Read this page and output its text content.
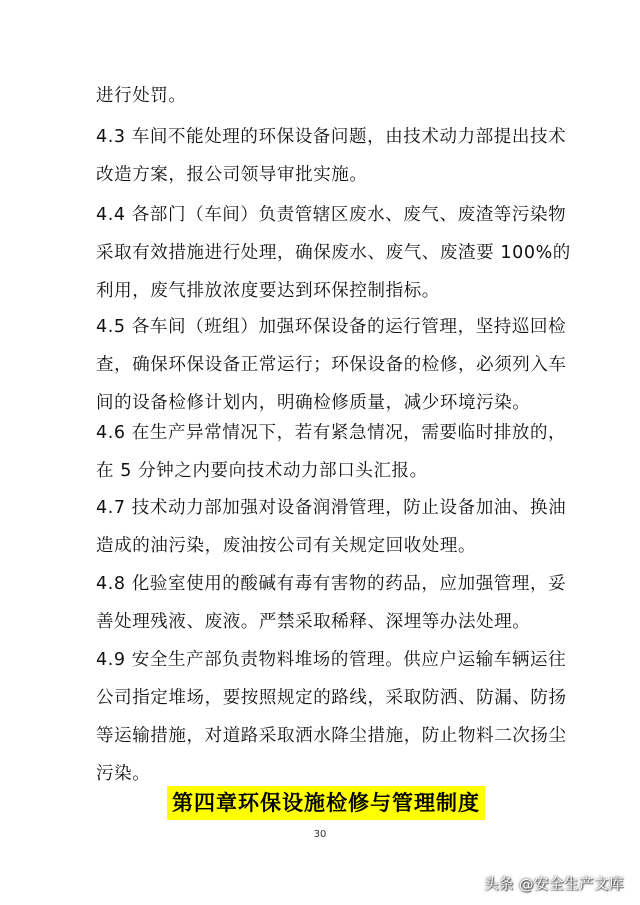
进行处罚。

4.3 车间不能处理的环保设备问题，由技术动力部提出技术
改造方案，报公司领导审批实施。

4.4 各部门（车间）负责管辖区废水、废气、废渣等污染物
采取有效措施进行处理，确保废水、废气、废渣要 100%的
利用，废气排放浓度要达到环保控制指标。

4.5 各车间（班组）加强环保设备的运行管理，坚持巡回检
查，确保环保设备正常运行；环保设备的检修，必须列入车
间的设备检修计划内，明确检修质量，减少环境污染。

4.6 在生产异常情况下，若有紧急情况，需要临时排放的，
在 5 分钟之内要向技术动力部口头汇报。

4.7 技术动力部加强对设备润滑管理，防止设备加油、换油
造成的油污染，废油按公司有关规定回收处理。

4.8 化验室使用的酸碱有毒有害物的药品，应加强管理，妥
善处理残液、废液。严禁采取稀释、深埋等办法处理。

4.9 安全生产部负责物料堆场的管理。供应户运输车辆运往
公司指定堆场，要按照规定的路线，采取防洒、防漏、防扬
等运输措施，对道路采取洒水降尘措施，防止物料二次扬尘
污染。

第四章环保设施检修与管理制度
30
头条 @安全生产文库
